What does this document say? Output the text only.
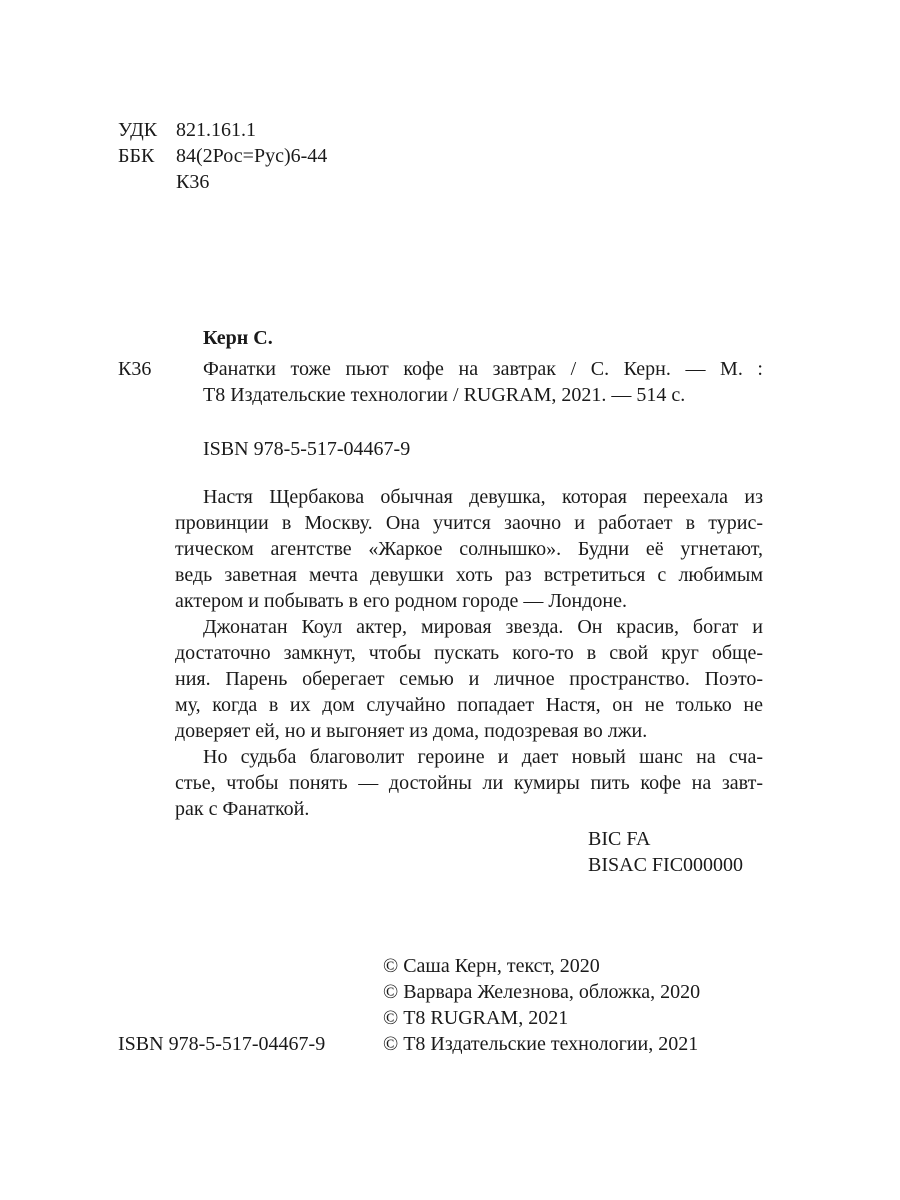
УДК 821.161.1
ББК 84(2Рос=Рус)6-44
К36
Керн С.
К36	Фанатки тоже пьют кофе на завтрак / С. Керн. — М. :
Т8 Издательские технологии / RUGRAM, 2021. — 514 с.
ISBN 978-5-517-04467-9
Настя Щербакова обычная девушка, которая переехала из
провинции в Москву. Она учится заочно и работает в турис-
тическом агентстве «Жаркое солнышко». Будни её угнетают,
ведь заветная мечта девушки хоть раз встретиться с любимым
актером и побывать в его родном городе — Лондоне.
Джонатан Коул актер, мировая звезда. Он красив, богат и
достаточно замкнут, чтобы пускать кого-то в свой круг обще-
ния. Парень оберегает семью и личное пространство. Поэто-
му, когда в их дом случайно попадает Настя, он не только не
доверяет ей, но и выгоняет из дома, подозревая во лжи.
Но судьба благоволит героине и дает новый шанс на сча-
стье, чтобы понять — достойны ли кумиры пить кофе на завт-
рак с Фанаткой.
BIC FA
BISAC FIC000000
© Саша Керн, текст, 2020
© Варвара Железнова, обложка, 2020
© Т8 RUGRAM, 2021
© Т8 Издательские технологии, 2021
ISBN 978-5-517-04467-9
